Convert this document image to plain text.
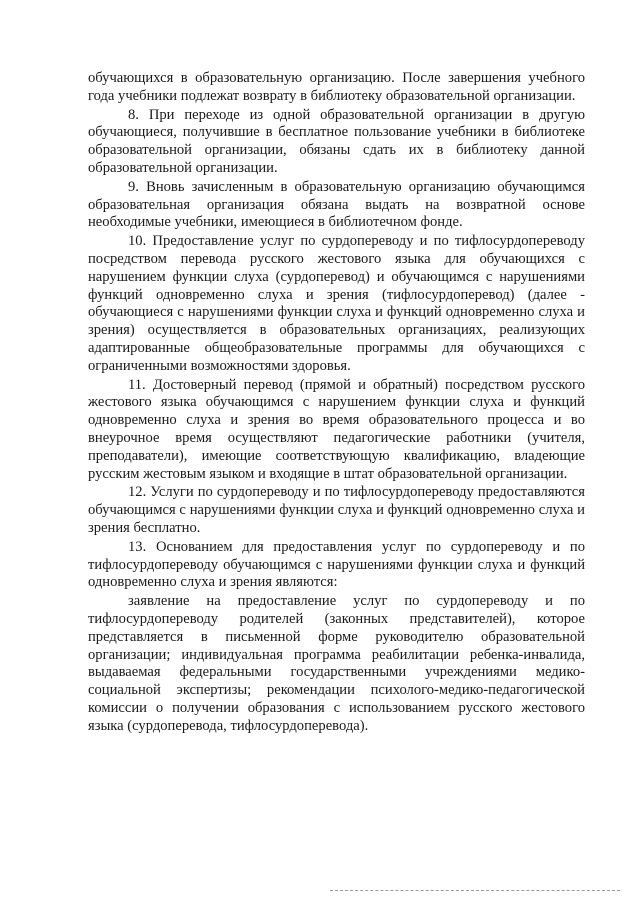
обучающихся в образовательную организацию. После завершения учебного года учебники подлежат возврату в библиотеку образовательной организации.

8. При переходе из одной образовательной организации в другую обучающиеся, получившие в бесплатное пользование учебники в библиотеке образовательной организации, обязаны сдать их в библиотеку данной образовательной организации.

9. Вновь зачисленным в образовательную организацию обучающимся образовательная организация обязана выдать на возвратной основе необходимые учебники, имеющиеся в библиотечном фонде.

10. Предоставление услуг по сурдопереводу и по тифлосурдопереводу посредством перевода русского жестового языка для обучающихся с нарушением функции слуха (сурдоперевод) и обучающимся с нарушениями функций одновременно слуха и зрения (тифлосурдоперевод) (далее - обучающиеся с нарушениями функции слуха и функций одновременно слуха и зрения) осуществляется в образовательных организациях, реализующих адаптированные общеобразовательные программы для обучающихся с ограниченными возможностями здоровья.

11. Достоверный перевод (прямой и обратный) посредством русского жестового языка обучающимся с нарушением функции слуха и функций одновременно слуха и зрения во время образовательного процесса и во внеурочное время осуществляют педагогические работники (учителя, преподаватели), имеющие соответствующую квалификацию, владеющие русским жестовым языком и входящие в штат образовательной организации.

12. Услуги по сурдопереводу и по тифлосурдопереводу предоставляются обучающимся с нарушениями функции слуха и функций одновременно слуха и зрения бесплатно.

13. Основанием для предоставления услуг по сурдопереводу и по тифлосурдопереводу обучающимся с нарушениями функции слуха и функций одновременно слуха и зрения являются:

заявление на предоставление услуг по сурдопереводу и по тифлосурдопереводу родителей (законных представителей), которое представляется в письменной форме руководителю образовательной организации; индивидуальная программа реабилитации ребенка-инвалида, выдаваемая федеральными государственными учреждениями медико-социальной экспертизы; рекомендации психолого-медико-педагогической комиссии о получении образования с использованием русского жестового языка (сурдоперевода, тифлосурдоперевода).
